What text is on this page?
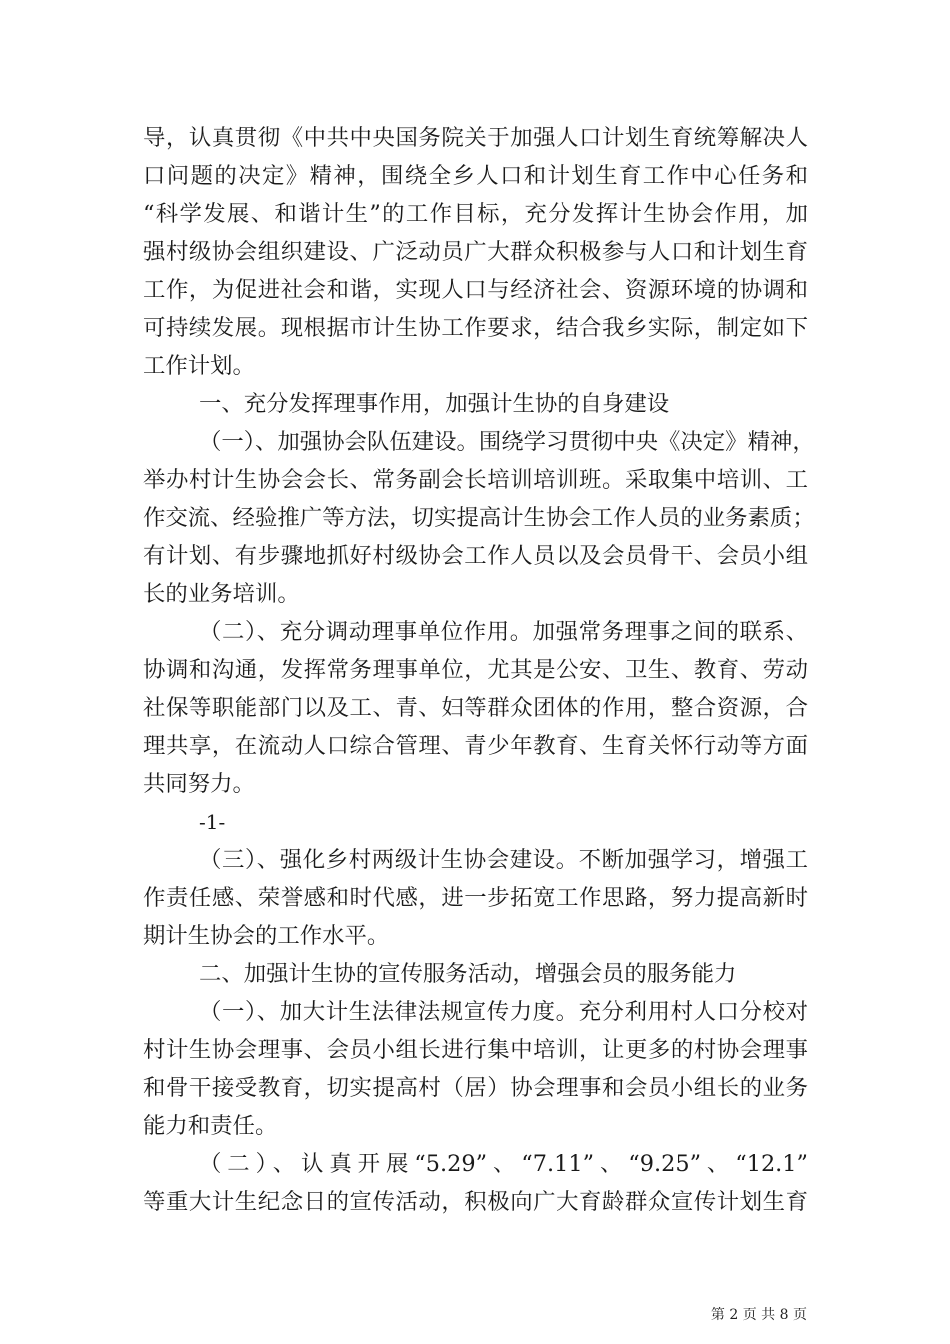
导，认真贯彻《中共中央国务院关于加强人口计划生育统筹解决人
口问题的决定》精神，围绕全乡人口和计划生育工作中心任务和
“科学发展、和谐计生”的工作目标，充分发挥计生协会作用，加
强村级协会组织建设、广泛动员广大群众积极参与人口和计划生育
工作，为促进社会和谐，实现人口与经济社会、资源环境的协调和
可持续发展。现根据市计生协工作要求，结合我乡实际，制定如下
工作计划。
一、充分发挥理事作用，加强计生协的自身建设
（一）、加强协会队伍建设。围绕学习贯彻中央《决定》精神，
举办村计生协会会长、常务副会长培训培训班。采取集中培训、工
作交流、经验推广等方法，切实提高计生协会工作人员的业务素质；
有计划、有步骤地抓好村级协会工作人员以及会员骨干、会员小组
长的业务培训。
（二）、充分调动理事单位作用。加强常务理事之间的联系、
协调和沟通，发挥常务理事单位，尤其是公安、卫生、教育、劳动
社保等职能部门以及工、青、妇等群众团体的作用，整合资源，合
理共享，在流动人口综合管理、青少年教育、生育关怀行动等方面
共同努力。
-1-
（三）、强化乡村两级计生协会建设。不断加强学习，增强工
作责任感、荣誉感和时代感，进一步拓宽工作思路，努力提高新时
期计生协会的工作水平。
二、加强计生协的宣传服务活动，增强会员的服务能力
（一）、加大计生法律法规宣传力度。充分利用村人口分校对
村计生协会理事、会员小组长进行集中培训，让更多的村协会理事
和骨干接受教育，切实提高村（居）协会理事和会员小组长的业务
能力和责任。
（二）、认真开展“5.29”、“7.11”、“9.25”、“12.1”
等重大计生纪念日的宣传活动，积极向广大育龄群众宣传计划生育
第 2 页 共 8 页
